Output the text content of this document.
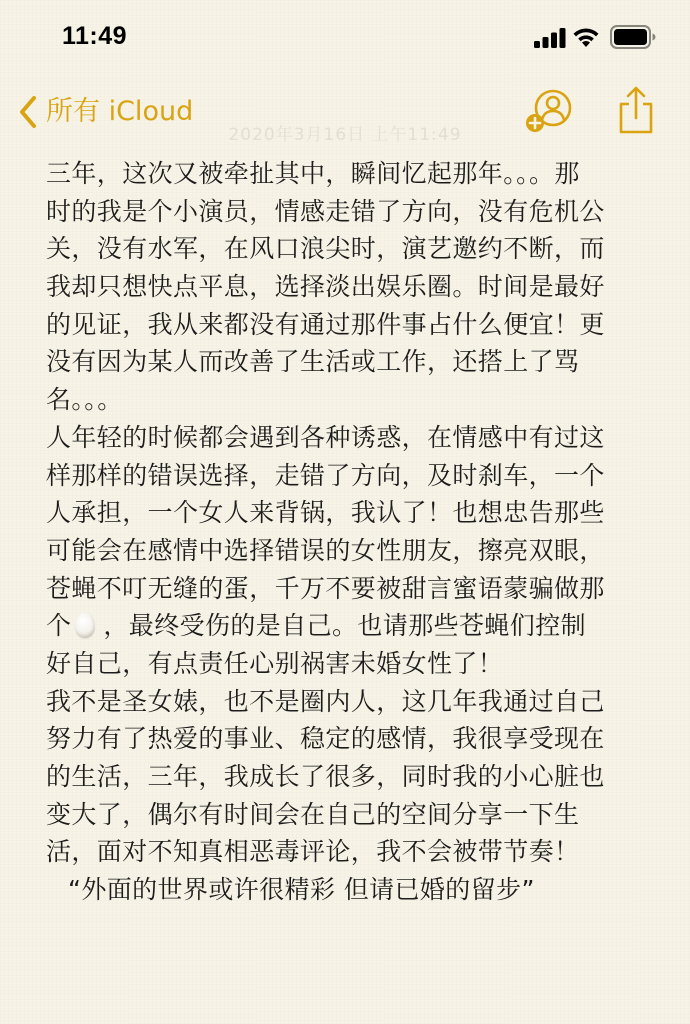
11:49
所有 iCloud
2020年3月16日 上午11:49
三年，这次又被牵扯其中，瞬间忆起那年。。。那
时的我是个小演员，情感走错了方向，没有危机公
关，没有水军，在风口浪尖时，演艺邀约不断，而
我却只想快点平息，选择淡出娱乐圈。时间是最好
的见证，我从来都没有通过那件事占什么便宜！更
没有因为某人而改善了生活或工作，还搭上了骂
名。。。
人年轻的时候都会遇到各种诱惑，在情感中有过这
样那样的错误选择，走错了方向，及时刹车，一个
人承担，一个女人来背锅，我认了！也想忠告那些
可能会在感情中选择错误的女性朋友，擦亮双眼，
苍蝇不叮无缝的蛋，千万不要被甜言蜜语蒙骗做那
个 ，最终受伤的是自己。也请那些苍蝇们控制
好自己，有点责任心别祸害未婚女性了！
我不是圣女婊，也不是圈内人，这几年我通过自己
努力有了热爱的事业、稳定的感情，我很享受现在
的生活，三年，我成长了很多，同时我的小心脏也
变大了，偶尔有时间会在自己的空间分享一下生
活，面对不知真相恶毒评论，我不会被带节奏！
“外面的世界或许很精彩 但请已婚的留步”
